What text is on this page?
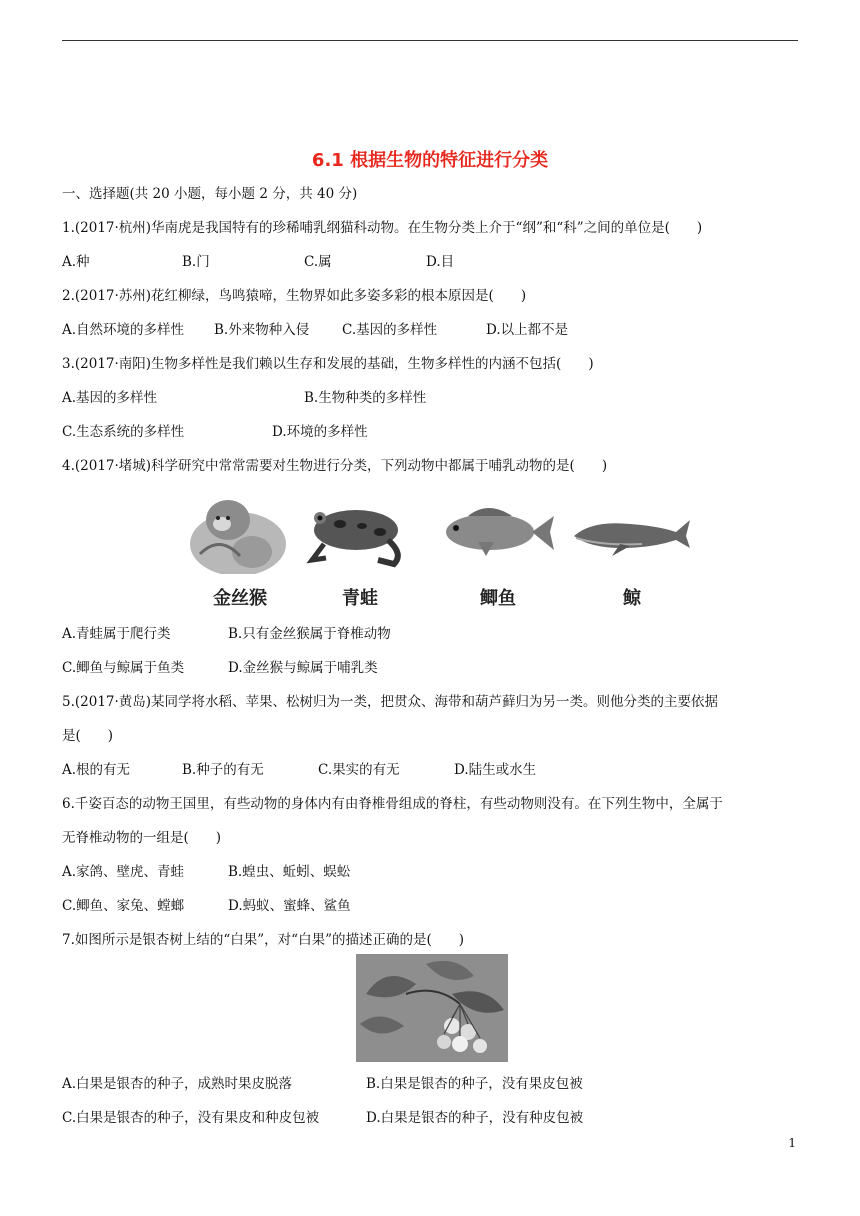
6.1 根据生物的特征进行分类
一、选择题(共 20 小题，每小题 2 分，共 40 分)
1.(2017·杭州)华南虎是我国特有的珍稀哺乳纲猫科动物。在生物分类上介于“纲”和“科”之间的单位是(　　)
A.种	B.门	C.属	D.目
2.(2017·苏州)花红柳绿，鸟鸣猿啼，生物界如此多姿多彩的根本原因是(　　)
A.自然环境的多样性 B.外来物种入侵 C.基因的多样性	D.以上都不是
3.(2017·南阳)生物多样性是我们赖以生存和发展的基础，生物多样性的内涵不包括(　　)
A.基因的多样性	B.生物种类的多样性
C.生态系统的多样性	D.环境的多样性
4.(2017·堵城)科学研究中常常需要对生物进行分类，下列动物中都属于哺乳动物的是(　　)
金丝猴	青蛙	鲫鱼	鲸
A.青蛙属于爬行类	B.只有金丝猴属于脊椎动物
C.鲫鱼与鲸属于鱼类	D.金丝猴与鲸属于哺乳类
5.(2017·黄岛)某同学将水稻、苹果、松树归为一类，把贯众、海带和葫芦藓归为另一类。则他分类的主要依据
是(　　)
A.根的有无	B.种子的有无	C.果实的有无	D.陆生或水生
6.千姿百态的动物王国里，有些动物的身体内有由脊椎骨组成的脊柱，有些动物则没有。在下列生物中，全属于
无脊椎动物的一组是(　　)
A.家鸽、壁虎、青蛙	B.蝗虫、蚯蚓、蜈蚣
C.鲫鱼、家兔、螳螂	D.蚂蚁、蜜蜂、鲨鱼
7.如图所示是银杏树上结的“白果”，对“白果”的描述正确的是(　　)
A.白果是银杏的种子，成熟时果皮脱落	B.白果是银杏的种子，没有果皮包被
C.白果是银杏的种子，没有果皮和种皮包被	D.白果是银杏的种子，没有种皮包被
1
